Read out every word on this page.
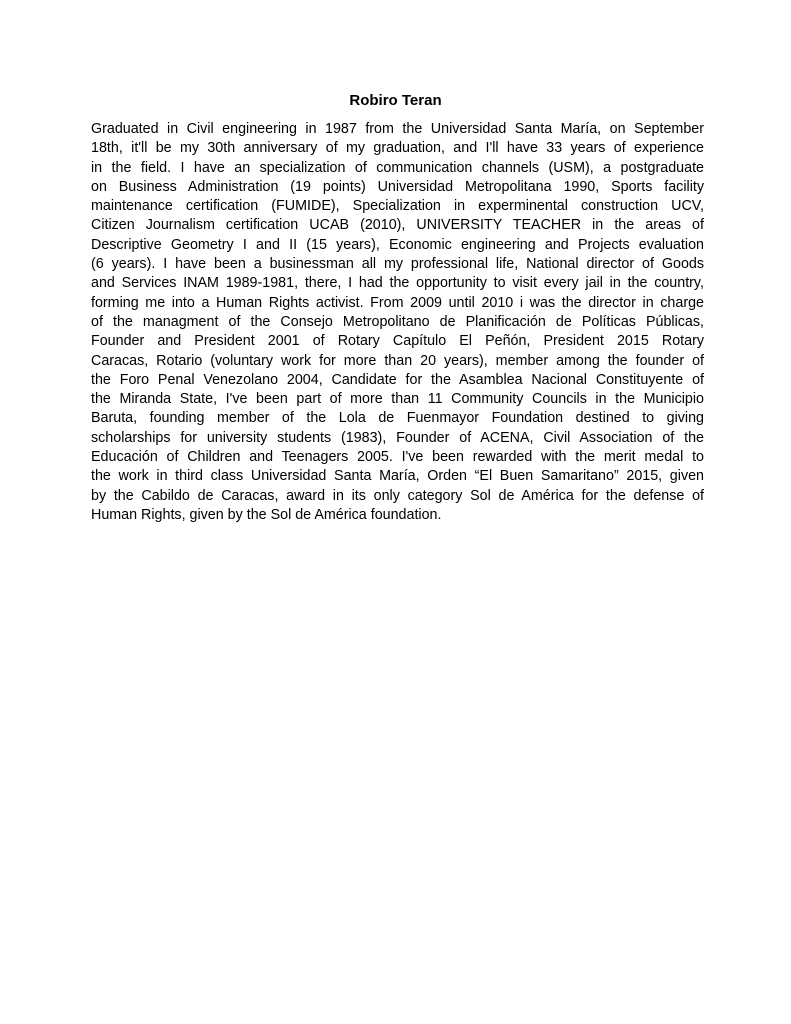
Robiro Teran
Graduated in Civil engineering in 1987 from the Universidad Santa María, on September
18th, it'll be my 30th anniversary of my graduation, and I'll have 33 years of experience
in the field. I have an specialization of communication channels (USM), a postgraduate
on Business Administration (19 points) Universidad Metropolitana 1990, Sports facility
maintenance certification (FUMIDE), Specialization in experminental construction UCV,
Citizen Journalism certification UCAB (2010), UNIVERSITY TEACHER in the areas of
Descriptive Geometry I and II (15 years), Economic engineering and Projects evaluation
(6 years). I have been a businessman all my professional life, National director of Goods
and Services INAM 1989-1981, there, I had the opportunity to visit every jail in the country,
forming me into a Human Rights activist. From 2009 until 2010 i was the director in charge
of the managment of the Consejo Metropolitano de Planificación de Políticas Públicas,
Founder and President 2001 of Rotary Capítulo El Peñón, President 2015 Rotary
Caracas, Rotario (voluntary work for more than 20 years), member among the founder of
the Foro Penal Venezolano 2004, Candidate for the Asamblea Nacional Constituyente of
the Miranda State, I've been part of more than 11 Community Councils in the Municipio
Baruta, founding member of the Lola de Fuenmayor Foundation destined to giving
scholarships for university students (1983), Founder of ACENA, Civil Association of the
Educación of Children and Teenagers 2005. I've been rewarded with the merit medal to
the work in third class Universidad Santa María, Orden “El Buen Samaritano” 2015, given
by the Cabildo de Caracas, award in its only category Sol de América for the defense of
Human Rights, given by the Sol de América foundation.
